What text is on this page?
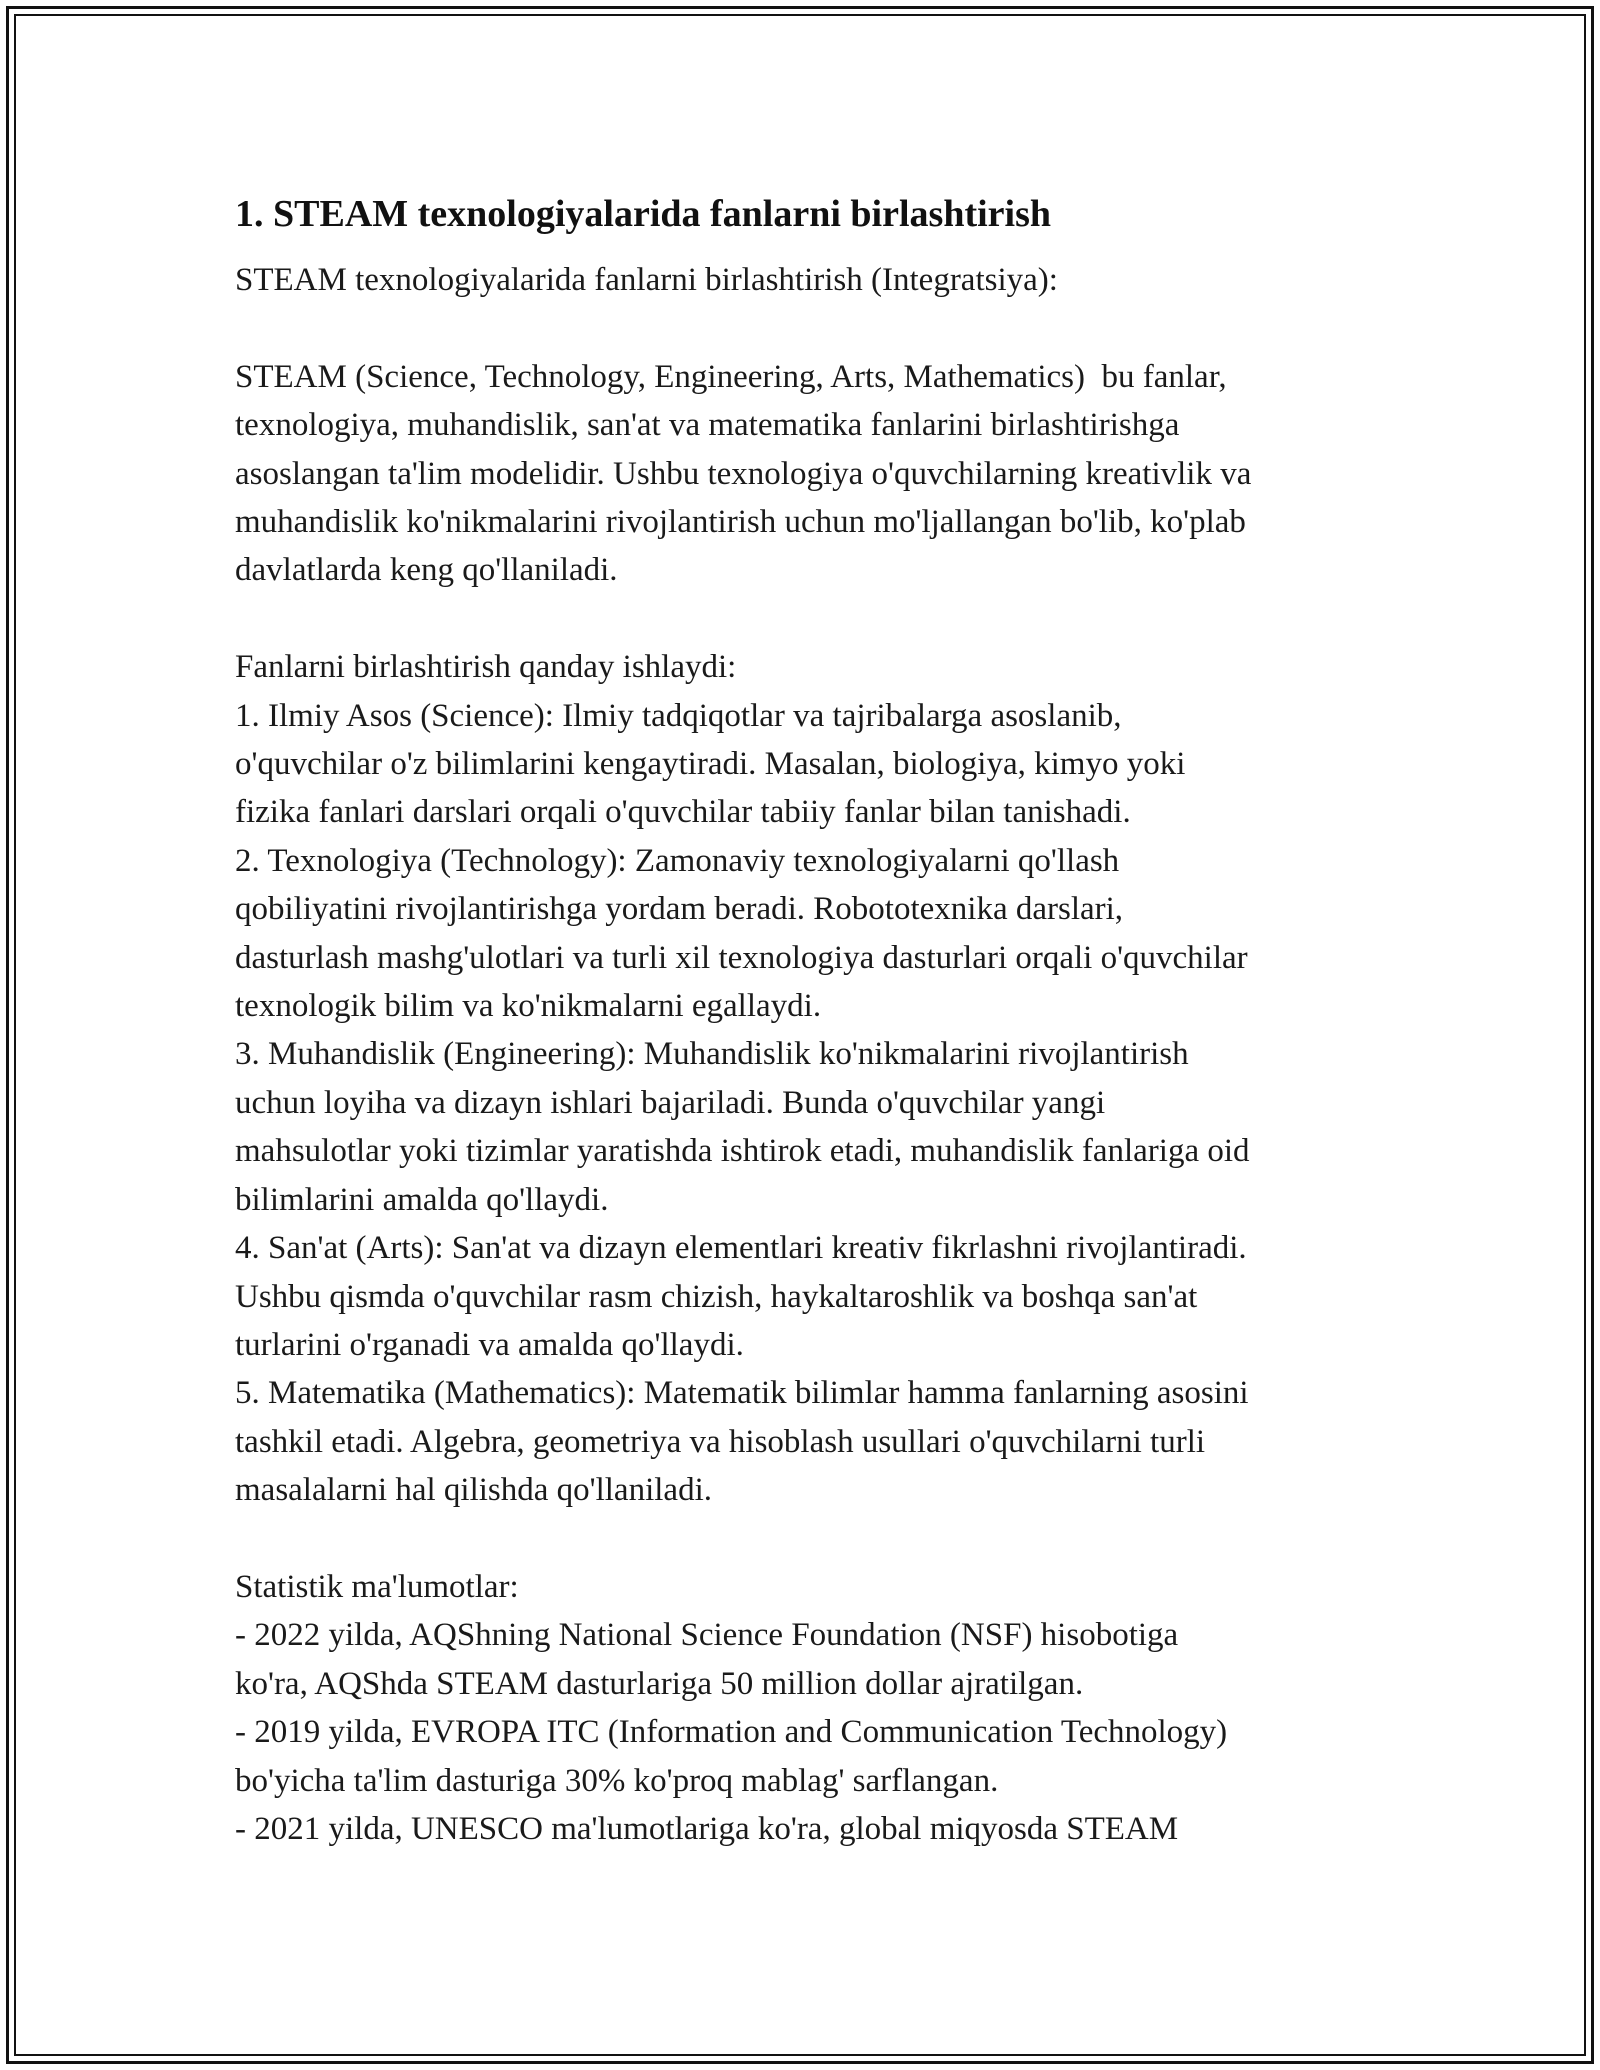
1. STEAM texnologiyalarida fanlarni birlashtirish
STEAM texnologiyalarida fanlarni birlashtirish (Integratsiya):
STEAM (Science, Technology, Engineering, Arts, Mathematics)  bu fanlar,
texnologiya, muhandislik, san'at va matematika fanlarini birlashtirishga
asoslangan ta'lim modelidir. Ushbu texnologiya o'quvchilarning kreativlik va
muhandislik ko'nikmalarini rivojlantirish uchun mo'ljallangan bo'lib, ko'plab
davlatlarda keng qo'llaniladi.
Fanlarni birlashtirish qanday ishlaydi:
1. Ilmiy Asos (Science): Ilmiy tadqiqotlar va tajribalarga asoslanib,
o'quvchilar o'z bilimlarini kengaytiradi. Masalan, biologiya, kimyo yoki
fizika fanlari darslari orqali o'quvchilar tabiiy fanlar bilan tanishadi.
2. Texnologiya (Technology): Zamonaviy texnologiyalarni qo'llash
qobiliyatini rivojlantirishga yordam beradi. Robototexnika darslari,
dasturlash mashg'ulotlari va turli xil texnologiya dasturlari orqali o'quvchilar
texnologik bilim va ko'nikmalarni egallaydi.
3. Muhandislik (Engineering): Muhandislik ko'nikmalarini rivojlantirish
uchun loyiha va dizayn ishlari bajariladi. Bunda o'quvchilar yangi
mahsulotlar yoki tizimlar yaratishda ishtirok etadi, muhandislik fanlariga oid
bilimlarini amalda qo'llaydi.
4. San'at (Arts): San'at va dizayn elementlari kreativ fikrlashni rivojlantiradi.
Ushbu qismda o'quvchilar rasm chizish, haykaltaroshlik va boshqa san'at
turlarini o'rganadi va amalda qo'llaydi.
5. Matematika (Mathematics): Matematik bilimlar hamma fanlarning asosini
tashkil etadi. Algebra, geometriya va hisoblash usullari o'quvchilarni turli
masalalarni hal qilishda qo'llaniladi.
Statistik ma'lumotlar:
- 2022 yilda, AQShning National Science Foundation (NSF) hisobotiga
ko'ra, AQShda STEAM dasturlariga 50 million dollar ajratilgan.
- 2019 yilda, EVROPA ITC (Information and Communication Technology)
bo'yicha ta'lim dasturiga 30% ko'proq mablag' sarflangan.
- 2021 yilda, UNESCO ma'lumotlariga ko'ra, global miqyosda STEAM
